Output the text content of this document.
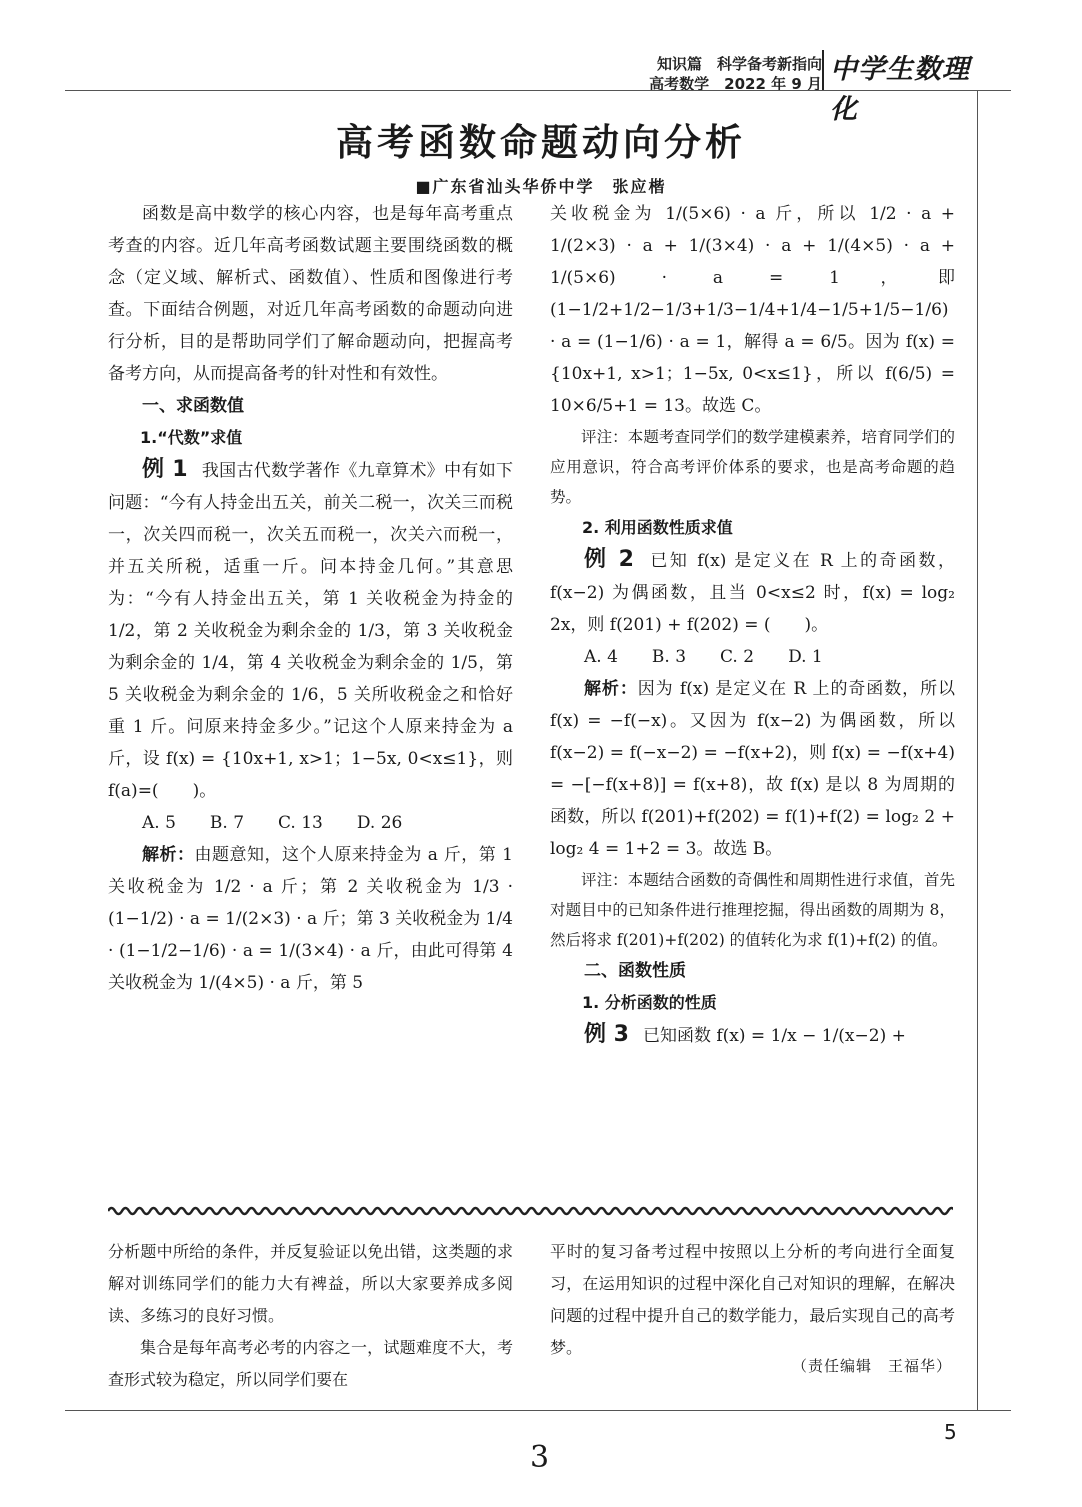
知识篇　科学备考新指向
高考数学　2022 年 9 月 中学生数理化
高考函数命题动向分析
■广东省汕头华侨中学　张应楷

函数是高中数学的核心内容，也是每年高考重点考查的内容。近几年高考函数试题主要围绕函数的概念（定义域、解析式、函数值）、性质和图像进行考查。下面结合例题，对近几年高考函数的命题动向进行分析，目的是帮助同学们了解命题动向，把握高考备考方向，从而提高备考的针对性和有效性。

一、求函数值

1.“代数”求值

例 1 我国古代数学著作《九章算术》中有如下问题：“今有人持金出五关，前关二税一，次关三而税一，次关四而税一，次关五而税一，次关六而税一，并五关所税，适重一斤。问本持金几何。”其意思为：“今有人持金出五关，第 1 关收税金为持金的 1/2，第 2 关收税金为剩余金的 1/3，第 3 关收税金为剩余金的 1/4，第 4 关收税金为剩余金的 1/5，第 5 关收税金为剩余金的 1/6，5 关所收税金之和恰好重 1 斤。问原来持金多少。”记这个人原来持金为 a 斤，设 f(x) = {10x+1, x>1；1−5x, 0<x≤1}，则 f(a)=(　　)。

A. 5 B. 7 C. 13 D. 26

解析：由题意知，这个人原来持金为 a 斤，第 1 关收税金为 1/2 · a 斤；第 2 关收税金为 1/3 · (1−1/2) · a = 1/(2×3) · a 斤；第 3 关收税金为 1/4 · (1−1/2−1/6) · a = 1/(3×4) · a 斤，由此可得第 4 关收税金为 1/(4×5) · a 斤，第 5

关收税金为 1/(5×6) · a 斤，所以 1/2 · a + 1/(2×3) · a + 1/(3×4) · a + 1/(4×5) · a + 1/(5×6) · a = 1，即 (1−1/2+1/2−1/3+1/3−1/4+1/4−1/5+1/5−1/6) · a = (1−1/6) · a = 1，解得 a = 6/5。因为 f(x) = {10x+1, x>1；1−5x, 0<x≤1}，所以 f(6/5) = 10×6/5+1 = 13。故选 C。

评注：本题考查同学们的数学建模素养，培育同学们的应用意识，符合高考评价体系的要求，也是高考命题的趋势。

2. 利用函数性质求值

例 2 已知 f(x) 是定义在 R 上的奇函数，f(x−2) 为偶函数，且当 0<x≤2 时，f(x) = log₂ 2x，则 f(201) + f(202) = (　　)。

A. 4 B. 3 C. 2 D. 1

解析：因为 f(x) 是定义在 R 上的奇函数，所以 f(x) = −f(−x)。又因为 f(x−2) 为偶函数，所以 f(x−2) = f(−x−2) = −f(x+2)，则 f(x) = −f(x+4) = −[−f(x+8)] = f(x+8)，故 f(x) 是以 8 为周期的函数，所以 f(201)+f(202) = f(1)+f(2) = log₂ 2 + log₂ 4 = 1+2 = 3。故选 B。

评注：本题结合函数的奇偶性和周期性进行求值，首先对题目中的已知条件进行推理挖掘，得出函数的周期为 8，然后将求 f(201)+f(202) 的值转化为求 f(1)+f(2) 的值。

二、函数性质

1. 分析函数的性质

例 3 已知函数 f(x) = 1/x − 1/(x−2) +

分析题中所给的条件，并反复验证以免出错，这类题的求解对训练同学们的能力大有裨益，所以大家要养成多阅读、多练习的良好习惯。

集合是每年高考必考的内容之一，试题难度不大，考查形式较为稳定，所以同学们要在

平时的复习备考过程中按照以上分析的考向进行全面复习，在运用知识的过程中深化自己对知识的理解，在解决问题的过程中提升自己的数学能力，最后实现自己的高考梦。

（责任编辑　王福华）
5
3
